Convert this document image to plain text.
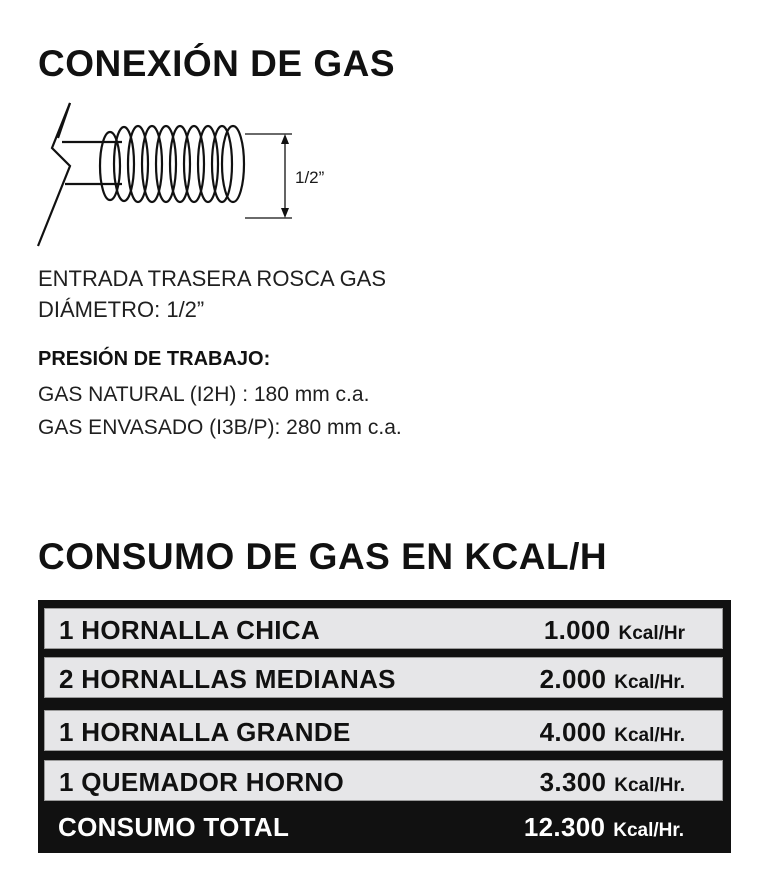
CONEXIÓN DE GAS
1/2”
ENTRADA TRASERA ROSCA GAS
DIÁMETRO: 1/2”
PRESIÓN DE TRABAJO:
GAS NATURAL (I2H) : 180 mm c.a.
GAS ENVASADO (I3B/P): 280 mm c.a.
CONSUMO DE GAS EN KCAL/H
1 HORNALLA CHICA	1.000 Kcal/Hr
2 HORNALLAS MEDIANAS	2.000 Kcal/Hr.
1 HORNALLA GRANDE	4.000 Kcal/Hr.
1 QUEMADOR HORNO	3.300 Kcal/Hr.
CONSUMO TOTAL	12.300 Kcal/Hr.
